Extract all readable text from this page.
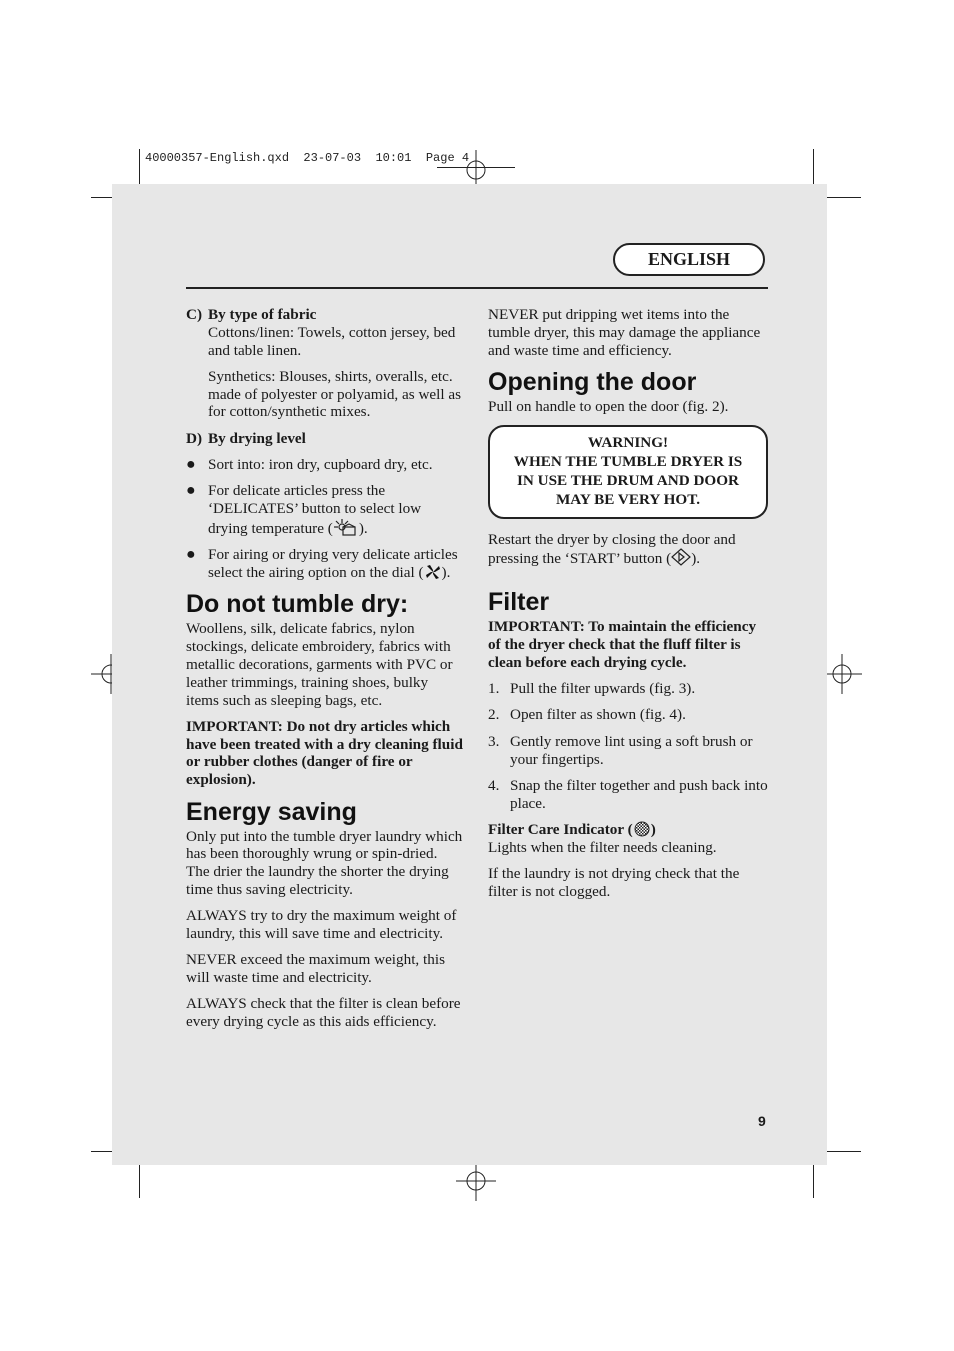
40000357-English.qxd  23-07-03  10:01  Page 4
ENGLISH
C) By type of fabric

Cottons/linen: Towels, cotton jersey, bed and table linen.

Synthetics: Blouses, shirts, overalls, etc. made of polyester or polyamid, as well as for cotton/synthetic mixes.

D) By drying level
● Sort into: iron dry, cupboard dry, etc.
● For delicate articles press the ‘DELICATES’ button to select low drying temperature ( ).
● For airing or drying very delicate articles select the airing option on the dial ( ).
Do not tumble dry:

Woollens, silk, delicate fabrics, nylon stockings, delicate embroidery, fabrics with metallic decorations, garments with PVC or leather trimmings, training shoes, bulky items such as sleeping bags, etc.

IMPORTANT: Do not dry articles which have been treated with a dry cleaning fluid or rubber clothes (danger of fire or explosion).

Energy saving

Only put into the tumble dryer laundry which has been thoroughly wrung or spin-dried. The drier the laundry the shorter the drying time thus saving electricity.

ALWAYS try to dry the maximum weight of laundry, this will save time and electricity.

NEVER exceed the maximum weight, this will waste time and electricity.

ALWAYS check that the filter is clean before every drying cycle as this aids efficiency.

NEVER put dripping wet items into the tumble dryer, this may damage the appliance and waste time and efficiency.

Opening the door

Pull on handle to open the door (fig. 2).

WARNING!
WHEN THE TUMBLE DRYER IS
IN USE THE DRUM AND DOOR
MAY BE VERY HOT.

Restart the dryer by closing the door and pressing the ‘START’ button ( ).

Filter

IMPORTANT: To maintain the efficiency of the dryer check that the fluff filter is clean before each drying cycle.

1. Pull the filter upwards (fig. 3).
2. Open filter as shown (fig. 4).
3. Gently remove lint using a soft brush or your fingertips.
4. Snap the filter together and push back into place.
Filter Care Indicator ( )

Lights when the filter needs cleaning.

If the laundry is not drying check that the filter is not clogged.

9
